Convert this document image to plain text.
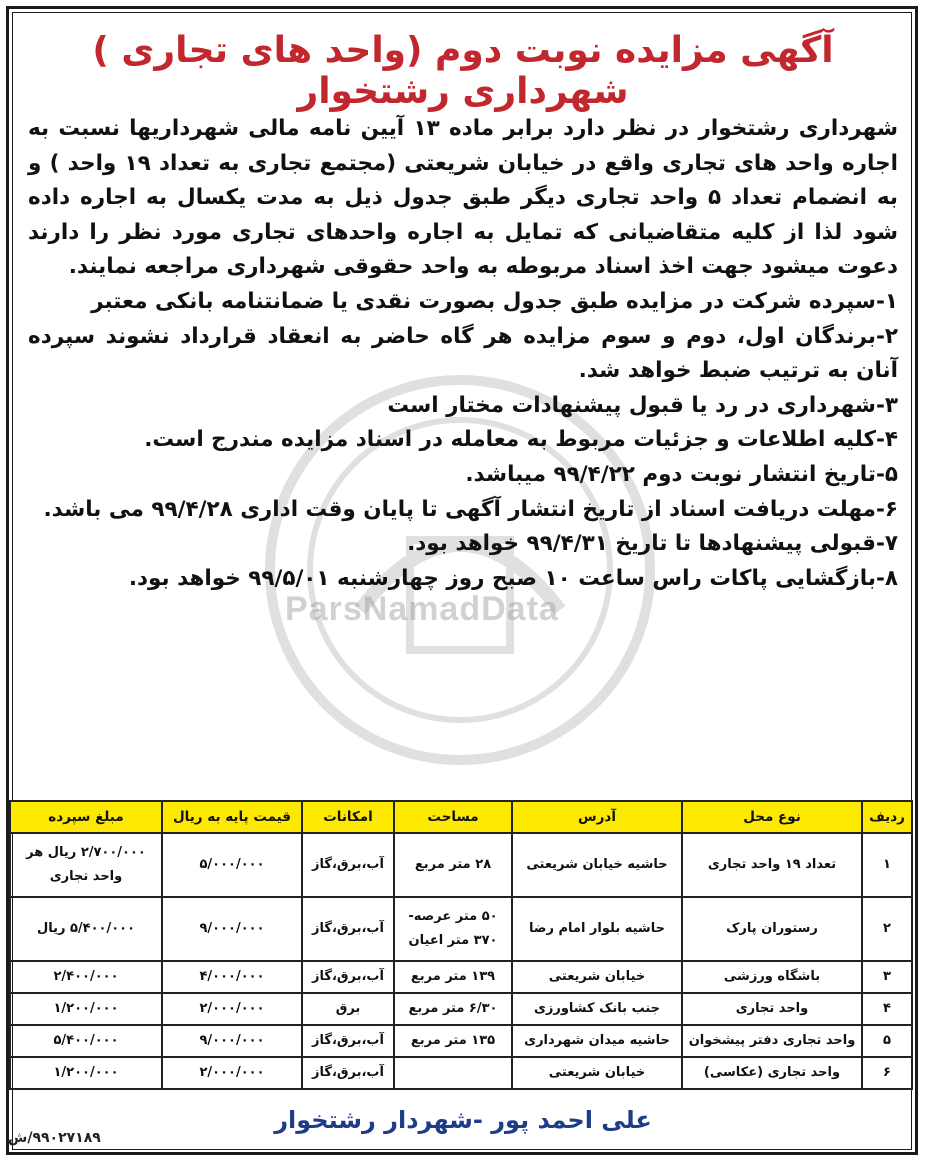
ParsNamadData
آگهی مزایده نوبت دوم (واحد های تجاری ) شهرداری رشتخوار

شهرداری رشتخوار در نظر دارد برابر ماده ۱۳ آیین نامه مالی شهرداریها نسبت به اجاره واحد های تجاری واقع در خیابان شریعتی (مجتمع تجاری به تعداد ۱۹ واحد ) و به انضمام تعداد ۵ واحد تجاری دیگر طبق جدول ذیل به مدت یکسال به اجاره داده شود لذا از کلیه متقاضیانی که تمایل به اجاره واحدهای تجاری مورد نظر را دارند دعوت میشود جهت اخذ اسناد مربوطه به واحد حقوقی شهرداری مراجعه نمایند.

۱-سپرده شرکت در مزایده طبق جدول بصورت نقدی یا ضمانتنامه بانکی معتبر
۲-برندگان اول، دوم و سوم مزایده هر گاه حاضر به انعقاد قرارداد نشوند سپرده آنان به ترتیب ضبط خواهد شد.
۳-شهرداری در رد یا قبول پیشنهادات مختار است
۴-کلیه اطلاعات و جزئیات مربوط به معامله در اسناد مزایده مندرج است.
۵-تاریخ انتشار نوبت دوم ۹۹/۴/۲۲ میباشد.
۶-مهلت دریافت اسناد از تاریخ انتشار آگهی تا پایان وقت اداری ۹۹/۴/۲۸ می باشد.
۷-قبولی پیشنهادها تا تاریخ ۹۹/۴/۳۱ خواهد بود.
۸-بازگشایی پاکات راس ساعت ۱۰ صبح روز چهارشنبه ۹۹/۵/۰۱ خواهد بود.
ردیف	نوع محل	آدرس	مساحت	امکانات	قیمت پایه به ریال	مبلغ سپرده
۱	تعداد ۱۹ واحد تجاری	حاشیه خیابان شریعتی	۲۸ متر مربع	آب،برق،گاز	۵/۰۰۰/۰۰۰	۲/۷۰۰/۰۰۰ ریال هر واحد تجاری
۲	رستوران پارک	حاشیه بلوار امام رضا	۵۰ متر عرصه- ۳۷۰ متر اعیان	آب،برق،گاز	۹/۰۰۰/۰۰۰	۵/۴۰۰/۰۰۰ ریال
۳	باشگاه ورزشی	خیابان شریعتی	۱۳۹ متر مربع	آب،برق،گاز	۴/۰۰۰/۰۰۰	۲/۴۰۰/۰۰۰
۴	واحد تجاری	جنب بانک کشاورزی	۶/۳۰ متر مربع	برق	۲/۰۰۰/۰۰۰	۱/۲۰۰/۰۰۰
۵	واحد تجاری دفتر پیشخوان	حاشیه میدان شهرداری	۱۳۵ متر مربع	آب،برق،گاز	۹/۰۰۰/۰۰۰	۵/۴۰۰/۰۰۰
۶	واحد تجاری (عکاسی)	خیابان شریعتی		آب،برق،گاز	۲/۰۰۰/۰۰۰	۱/۲۰۰/۰۰۰
علی احمد پور -شهردار رشتخوار
۹۹۰۲۷۱۸۹/ش
